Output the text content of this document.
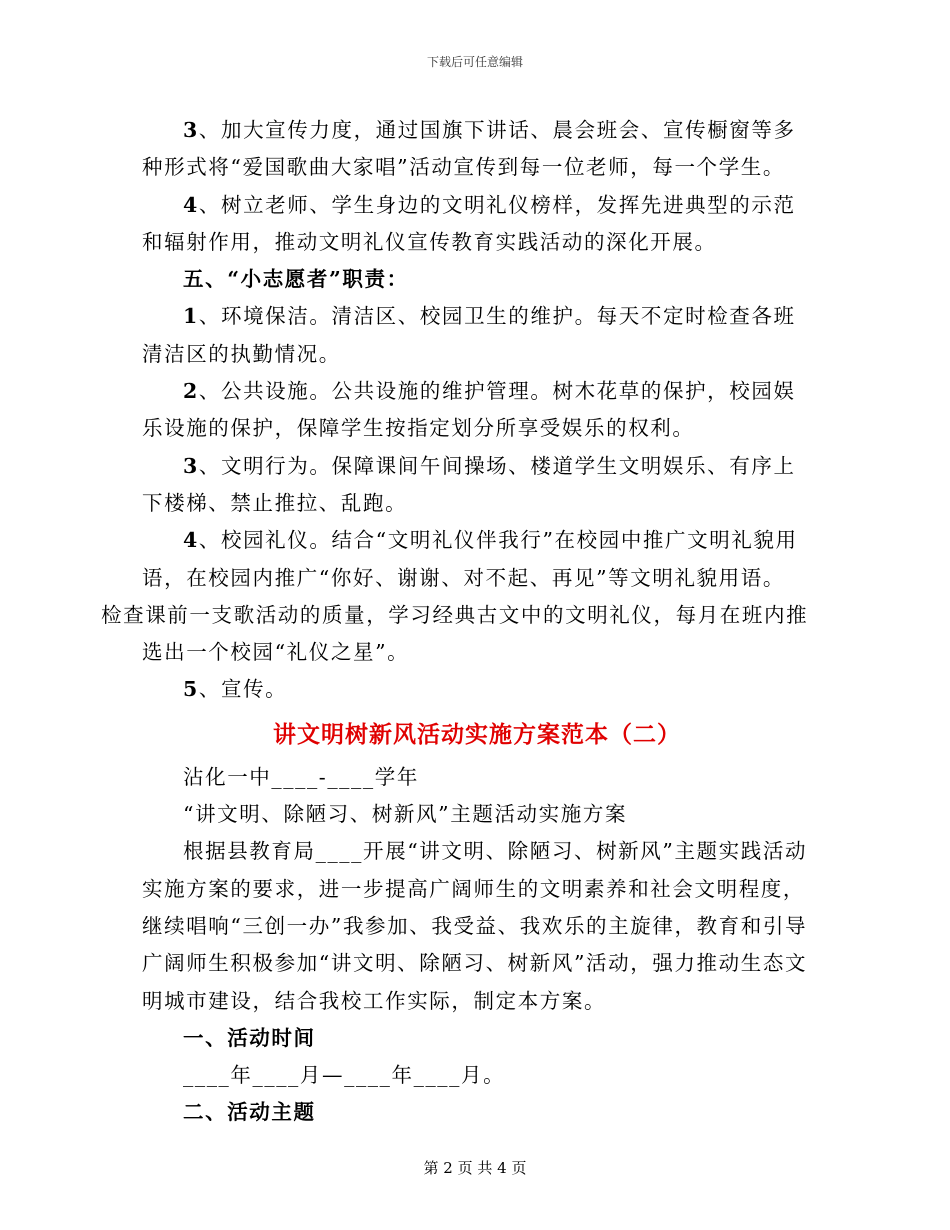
下载后可任意编辑

3、加大宣传力度，通过国旗下讲话、晨会班会、宣传橱窗等多种形式将“爱国歌曲大家唱”活动宣传到每一位老师，每一个学生。

4、树立老师、学生身边的文明礼仪榜样，发挥先进典型的示范和辐射作用，推动文明礼仪宣传教育实践活动的深化开展。

五、“小志愿者”职责：

1、环境保洁。清洁区、校园卫生的维护。每天不定时检查各班清洁区的执勤情况。

2、公共设施。公共设施的维护管理。树木花草的保护，校园娱乐设施的保护，保障学生按指定划分所享受娱乐的权利。

3、文明行为。保障课间午间操场、楼道学生文明娱乐、有序上下楼梯、禁止推拉、乱跑。

4、校园礼仪。结合“文明礼仪伴我行”在校园中推广文明礼貌用语，在校园内推广“你好、谢谢、对不起、再见”等文明礼貌用语。
检查课前一支歌活动的质量，学习经典古文中的文明礼仪，每月在班内推选出一个校园“礼仪之星”。

5、宣传。

讲文明树新风活动实施方案范本（二）

沾化一中____-____学年

“讲文明、除陋习、树新风”主题活动实施方案

根据县教育局____开展“讲文明、除陋习、树新风”主题实践活动实施方案的要求，进一步提高广阔师生的文明素养和社会文明程度，继续唱响“三创一办”我参加、我受益、我欢乐的主旋律，教育和引导广阔师生积极参加“讲文明、除陋习、树新风”活动，强力推动生态文明城市建设，结合我校工作实际，制定本方案。

一、活动时间

____年____月—____年____月。

二、活动主题

第 2 页 共 4 页
